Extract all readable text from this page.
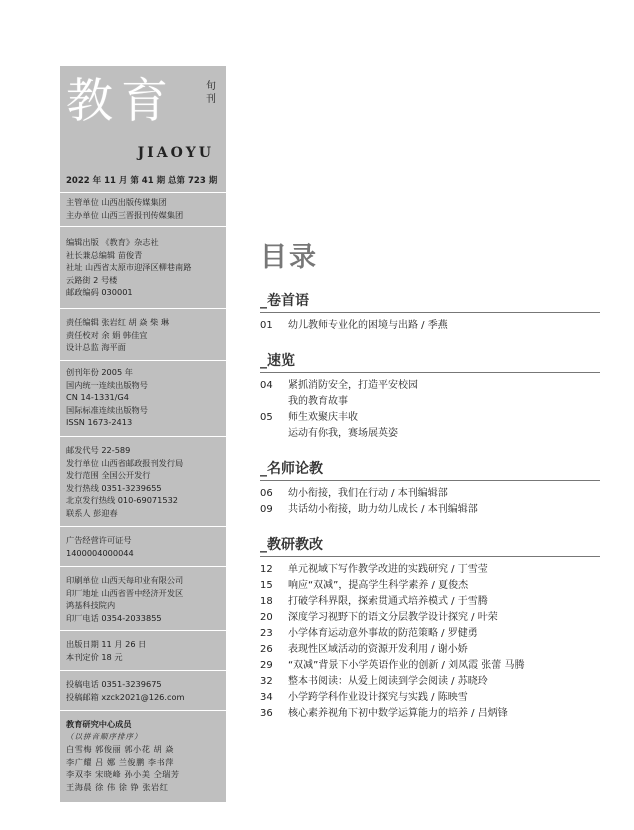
教育	旬刊
JIAOYU
2022 年 11 月 第 41 期 总第 723 期
主管单位 山西出版传媒集团
主办单位 山西三晋报刊传媒集团
编辑出版 《教育》杂志社
社长兼总编辑 苗俊青
社址 山西省太原市迎泽区柳巷南路
云路街 2 号楼
邮政编码 030001
责任编辑 张岩红 胡 焱 柴 琳
责任校对 余 娟 韩佳宜
设计总监 海平面
创刊年份 2005 年
国内统一连续出版物号
CN 14-1331/G4
国际标准连续出版物号
ISSN 1673-2413
邮发代号 22-589
发行单位 山西省邮政报刊发行局
发行范围 全国公开发行
发行热线 0351-3239655
北京发行热线 010-69071532
联系人 彭迎春
广告经营许可证号
1400004000044
印刷单位 山西天每印业有限公司
印厂地址 山西省晋中经济开发区
鸿基科技院内
印厂电话 0354-2033855
出版日期 11 月 26 日
本刊定价 18 元
投稿电话 0351-3239675
投稿邮箱 xzck2021@126.com
教育研究中心成员
（以拼音顺序排序）
白雪梅 郭俊丽 郭小花 胡 焱
李广耀 吕 娜 兰俊鹏 李书萍
李双李 宋晓峰 孙小美 仝瑞芳
王海晨 徐 伟 徐 铮 张岩红
目录
_卷首语
01	幼儿教师专业化的困境与出路 / 季燕
_速览
04	紧抓消防安全，打造平安校园
我的教育故事
05	师生欢聚庆丰收
运动有你我，赛场展英姿
_名师论教
06	幼小衔接，我们在行动 / 本刊编辑部
09	共话幼小衔接，助力幼儿成长 / 本刊编辑部
_教研教改
12	单元视域下写作教学改进的实践研究 / 丁雪莹
15	响应“双减”，提高学生科学素养 / 夏俊杰
18	打破学科界限，探索贯通式培养模式 / 于雪腾
20	深度学习视野下的语文分层教学设计探究 / 叶荣
23	小学体育运动意外事故的防范策略 / 罗健勇
26	表现性区域活动的资源开发利用 / 谢小娇
29	“双减”背景下小学英语作业的创新 / 刘凤霞 张蕾 马腾
32	整本书阅读：从爱上阅读到学会阅读 / 苏晓玲
34	小学跨学科作业设计探究与实践 / 陈映雪
36	核心素养视角下初中数学运算能力的培养 / 吕炳锋
